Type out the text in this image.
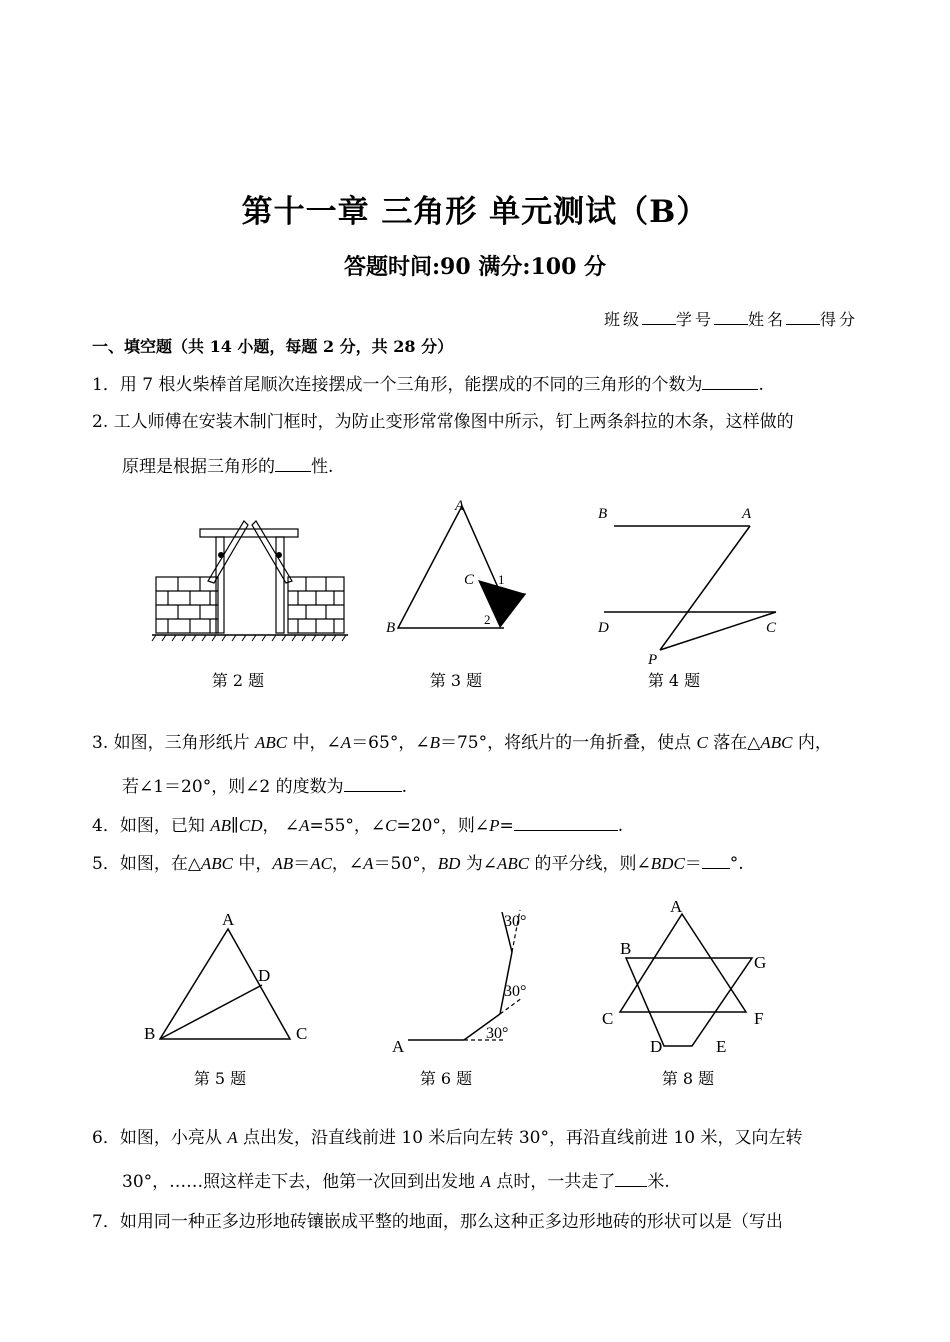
第十一章 三角形 单元测试（B）
答题时间:90 满分:100 分
班级 学号 姓名 得分
一、填空题（共 14 小题，每题 2 分，共 28 分）
1．用 7 根火柴棒首尾顺次连接摆成一个三角形，能摆成的不同的三角形的个数为	.
2. 工人师傅在安装木制门框时，为防止变形常常像图中所示，钉上两条斜拉的木条，这样做的
原理是根据三角形的 性.
第 2 题
A
B
C 1
2
第 3 题
B	A
D	C
P
第 4 题
3. 如图，三角形纸片 ABC 中，∠A＝65°，∠B＝75°，将纸片的一角折叠，使点 C 落在△ABC 内，
若∠1＝20°，则∠2 的度数为	.
4．如图，已知 AB∥CD， ∠A=55°，∠C=20°，则∠P=	.
5．如图，在△ABC 中，AB＝AC，∠A＝50°，BD 为∠ABC 的平分线，则∠BDC＝ °.
A
B	C
D
第 5 题
A
30°
30°
30°
第 6 题
A
B
G
C	F
D	E
第 8 题
6．如图，小亮从 A 点出发，沿直线前进 10 米后向左转 30°，再沿直线前进 10 米，又向左转
30°，……照这样走下去，他第一次回到出发地 A 点时，一共走了 米.
7．如用同一种正多边形地砖镶嵌成平整的地面，那么这种正多边形地砖的形状可以是（写出
